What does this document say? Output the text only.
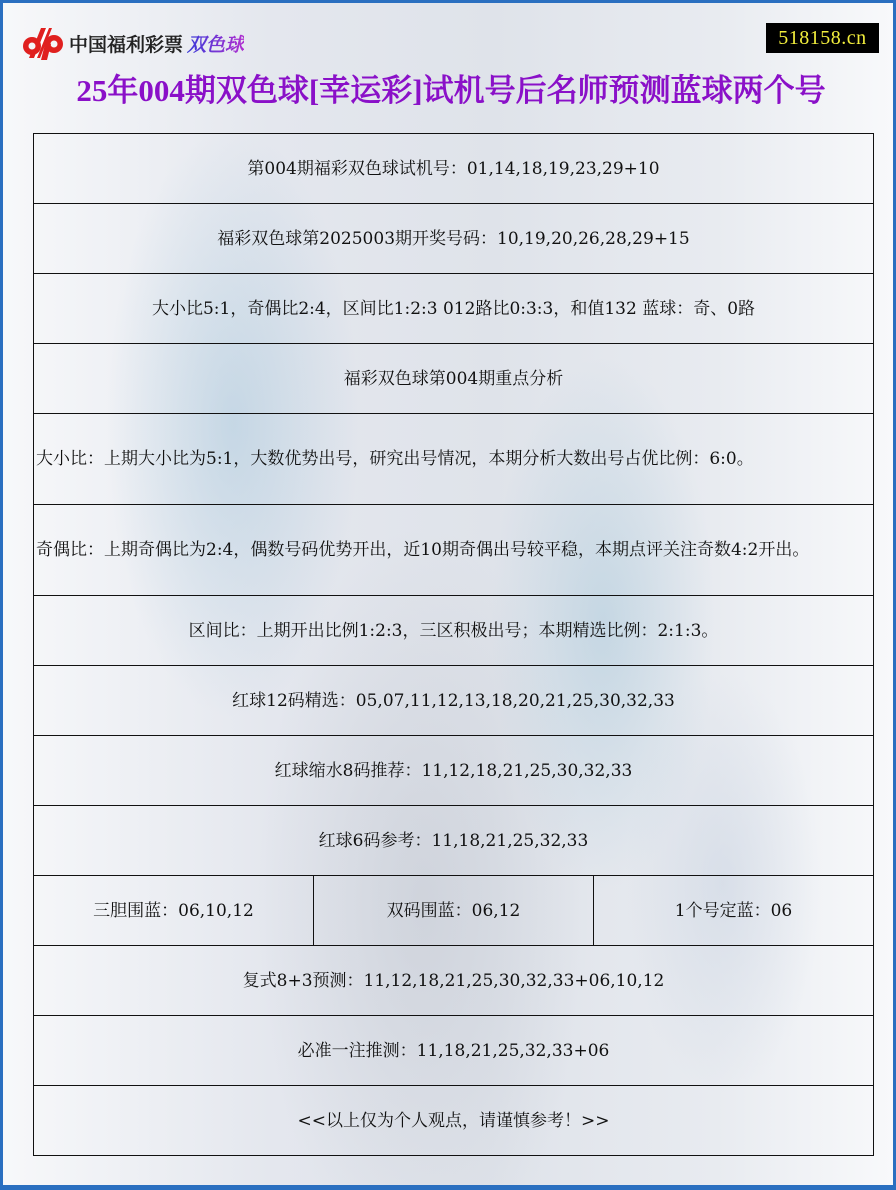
中国福利彩票 双色球	518158.cn
25年004期双色球[幸运彩]试机号后名师预测蓝球两个号
第004期福彩双色球试机号：01,14,18,19,23,29+10
福彩双色球第2025003期开奖号码：10,19,20,26,28,29+15
大小比5:1，奇偶比2:4，区间比1:2:3 012路比0:3:3，和值132 蓝球：奇、0路
福彩双色球第004期重点分析
大小比：上期大小比为5:1，大数优势出号，研究出号情况，本期分析大数出号占优比例：6:0。
奇偶比：上期奇偶比为2:4，偶数号码优势开出，近10期奇偶出号较平稳，本期点评关注奇数4:2开出。
区间比：上期开出比例1:2:3，三区积极出号；本期精选比例：2:1:3。
红球12码精选：05,07,11,12,13,18,20,21,25,30,32,33
红球缩水8码推荐：11,12,18,21,25,30,32,33
红球6码参考：11,18,21,25,32,33
三胆围蓝：06,10,12	双码围蓝：06,12	1个号定蓝：06
复式8+3预测：11,12,18,21,25,30,32,33+06,10,12
必准一注推测：11,18,21,25,32,33+06
<<以上仅为个人观点，请谨慎参考！>>
